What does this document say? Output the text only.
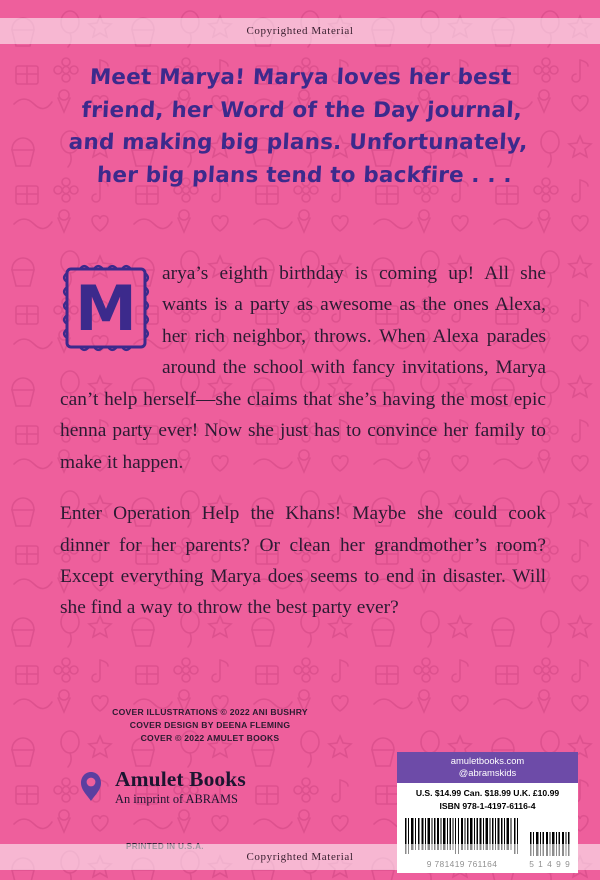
Copyrighted Material
Meet Marya! Marya loves her best
friend, her Word of the Day journal,
and making big plans. Unfortunately,
her big plans tend to backfire . . .
M	arya’s eighth birthday is coming up! All she wants is a party as awesome as the ones Alexa, her rich neighbor, throws. When Alexa parades around the school with fancy invitations, Marya can’t help herself—she claims that she’s having the most epic henna party ever! Now she just has to convince her family to make it happen.

Enter Operation Help the Khans! Maybe she could cook dinner for her parents? Or clean her grandmother’s room? Except everything Marya does seems to end in disaster. Will she find a way to throw the best party ever?

COVER ILLUSTRATIONS © 2022 ANI BUSHRY
COVER DESIGN BY DEENA FLEMING
COVER © 2022 AMULET BOOKS
Amulet Books
An imprint of ABRAMS
amuletbooks.com
@abramskids
U.S. $14.99 Can. $18.99 U.K. £10.99
ISBN 978-1-4197-6116-4
Copyrighted Material
